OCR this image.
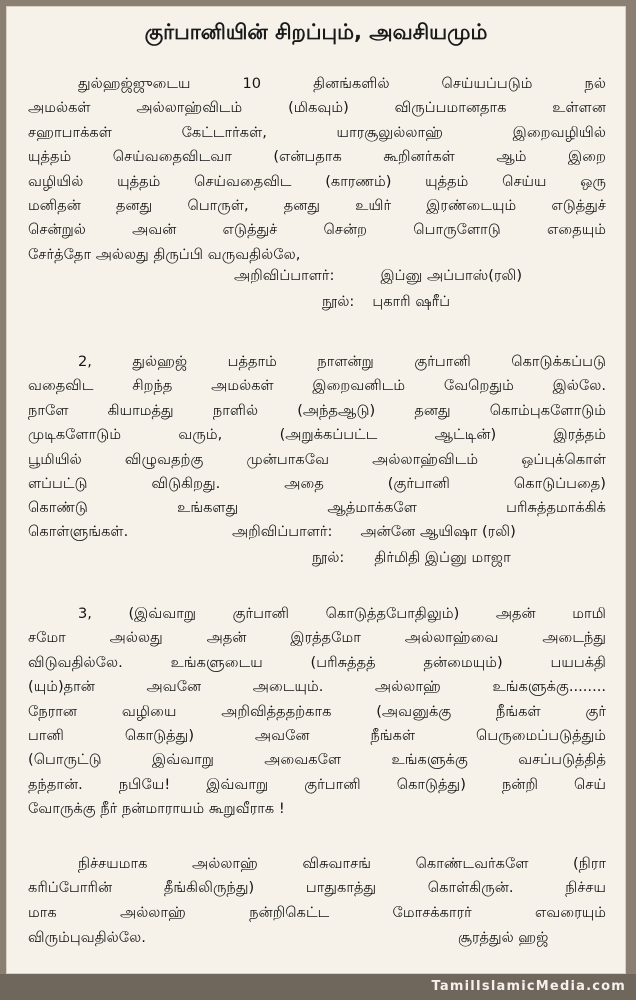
குர்பானியின் சிறப்பும், அவசியமும்
துல்ஹஜ்ஜுடைய 10 தினங்களில் செய்யப்படும் நல்
அமல்கள் அல்லாஹ்விடம் (மிகவும்) விருப்பமானதாக உள்ளன
சஹாபாக்கள் கேட்டார்கள், யாரசூலுல்லாஹ் இறைவழியில்
யுத்தம் செய்வதைவிடவா (என்பதாக கூறினர்கள் ஆம் இறை
வழியில் யுத்தம் செய்வதைவிட (காரணம்) யுத்தம் செய்ய ஒரு
மனிதன் தனது பொருள், தனது உயிர் இரண்டையும் எடுத்துச்
சென்றுல் அவன் எடுத்துச் சென்ற பொருளோடு எதையும்
சேர்த்தோ அல்லது திருப்பி வருவதில்லே,
அறிவிப்பாளர்:	இப்னு அப்பாஸ்(ரலி)
நூல்: புகாரி ஷரீப்
2, துல்ஹஜ் பத்தாம் நாளன்று குர்பானி கொடுக்கப்படு
வதைவிட சிறந்த அமல்கள் இறைவனிடம் வேறெதும் இல்லே.
நாளே கியாமத்து நாளில் (அந்தஆடு) தனது கொம்புகளோடும்
முடிகளோடும் வரும், (அறுக்கப்பட்ட ஆட்டின்) இரத்தம்
பூமியில் விழுவதற்கு முன்பாகவே அல்லாஹ்விடம் ஒப்புக்கொள்
ளப்பட்டு விடுகிறது. அதை (குர்பானி கொடுப்பதை)
கொண்டு உங்களது ஆத்மாக்களே பரிசுத்தமாக்கிக்
கொள்ளுங்கள்.	அறிவிப்பாளர்: அன்னே ஆயிஷா (ரலி)
நூல்: திர்மிதி இப்னு மாஜா
3, (இவ்வாறு குர்பானி கொடுத்தபோதிலும்) அதன் மாமி
சமோ அல்லது அதன் இரத்தமோ அல்லாஹ்வை அடைந்து
விடுவதில்லே. உங்களுடைய (பரிசுத்தத் தன்மையும்) பயபக்தி
(யும்)தான் அவனே அடையும். அல்லாஹ் உங்களுக்கு........
நேரான வழியை அறிவித்ததற்காக (அவனுக்கு நீங்கள் குர்
பானி கொடுத்து) அவனே நீங்கள் பெருமைப்படுத்தும்
(பொருட்டு இவ்வாறு அவைகளே உங்களுக்கு வசப்படுத்தித்
தந்தான். நபியே! இவ்வாறு குர்பானி கொடுத்து) நன்றி செய்
வோருக்கு நீர் நன்மாராயம் கூறுவீராக !
நிச்சயமாக அல்லாஹ் விசுவாசங் கொண்டவர்களே (நிரா
கரிப்போரின் தீங்கிலிருந்து) பாதுகாத்து கொள்கிருன். நிச்சய
மாக அல்லாஹ் நன்றிகெட்ட மோசக்காரர் எவரையும்
விரும்புவதில்லே.	சூரத்துல் ஹஜ்
TamilIslamicMedia.com
